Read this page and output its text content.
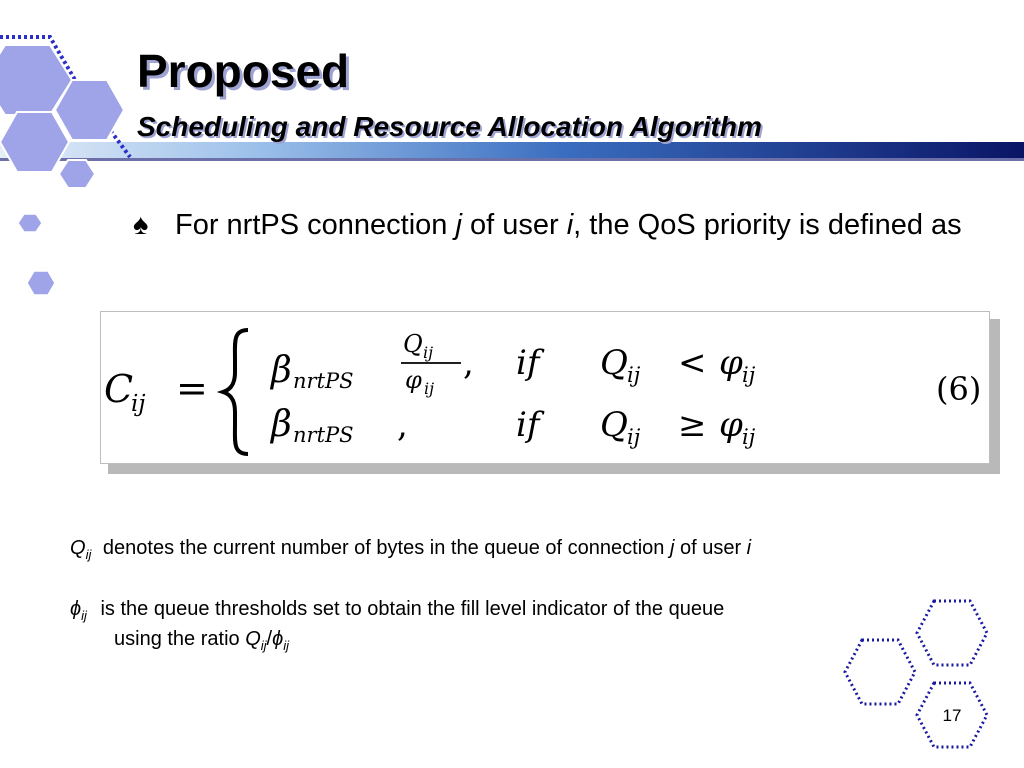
Proposed
Scheduling and Resource Allocation Algorithm
♠ For nrtPS connection j of user i, the QoS priority is defined as
C
ij = β nrtPS
Q ij
φ ij
, if Q ij < φ ij
β nrtPS ,	if Q ij ≥ φ ij
(6)
$Q_{ij}$ denotes the current number of bytes in the queue of connection j of user i
$\phi_{ij}$ is the queue thresholds set to obtain the fill level indicator of the queue
using the ratio $Q_{ij}/\phi_{ij}$
17
